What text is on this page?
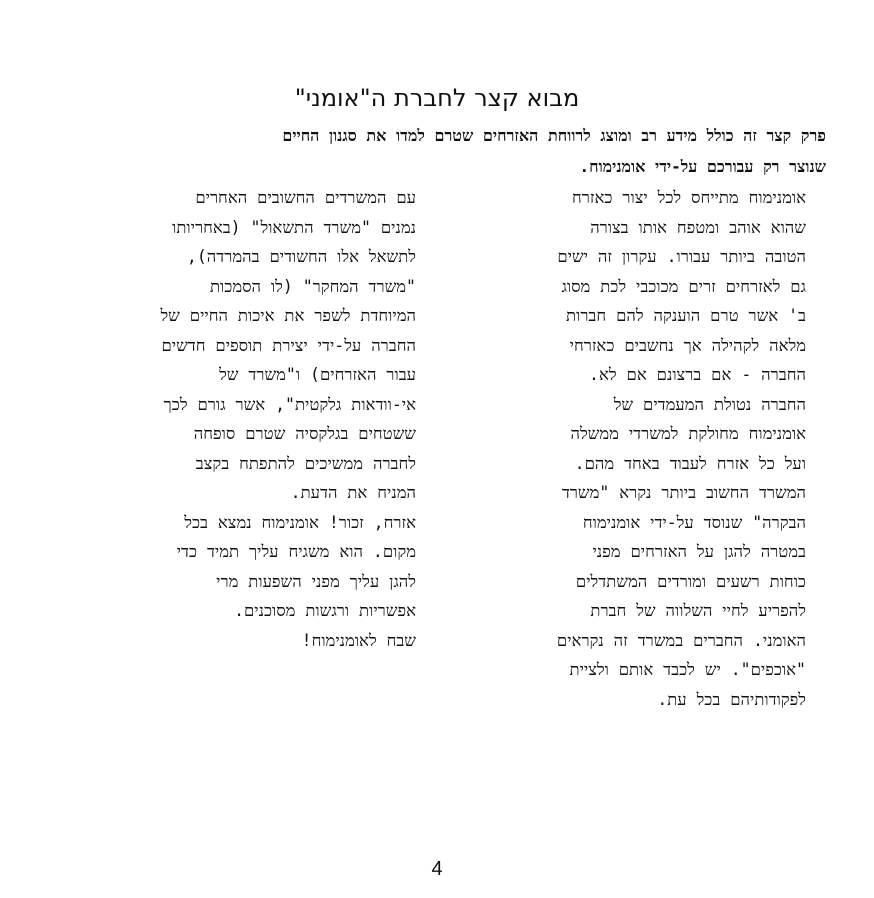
מבוא קצר לחברת ה"אומני"
פרק קצר זה כולל מידע רב ומוצג לרווחת האזרחים שטרם למדו את סגנון החיים
שנוצר רק עבורכם על-ידי אומנימוח.
אומנימוח מתייחס לכל יצור כאזרח
שהוא אוהב ומטפח אותו בצורה
הטובה ביותר עבורו. עקרון זה ישים
גם לאזרחים זרים מכוכבי לכת מסוג
ב' אשר טרם הוענקה להם חברות
מלאה לקהילה אך נחשבים כאזרחי
החברה - אם ברצונם אם לא.
החברה נטולת המעמדים של
אומנימוח מחולקת למשרדי ממשלה
ועל כל אזרח לעבוד באחד מהם.
המשרד החשוב ביותר נקרא "משרד
הבקרה" שנוסד על-ידי אומנימוח
במטרה להגן על האזרחים מפני
כוחות רשעים ומורדים המשתדלים
להפריע לחיי השלווה של חברת
האומני. החברים במשרד זה נקראים
"אוכפים". יש לכבד אותם ולציית
לפקודותיהם בכל עת.
עם המשרדים החשובים האחרים
נמנים "משרד התשאול" (באחריותו
לתשאל אלו החשודים בהמרדה),
"משרד המחקר" (לו הסמכות
המיוחדת לשפר את איכות החיים של
החברה על-ידי יצירת תוספים חדשים
עבור האזרחים) ו"משרד של
אי-וודאות גלקטית", אשר גורם לכך
ששטחים בגלקסיה שטרם סופחה
לחברה ממשיכים להתפתח בקצב
המניח את הדעת.
אזרח, זכור! אומנימוח נמצא בכל
מקום. הוא משגיח עליך תמיד כדי
להגן עליך מפני השפעות מרי
אפשריות ורגשות מסוכנים.
שבח לאומנימוח!
4
